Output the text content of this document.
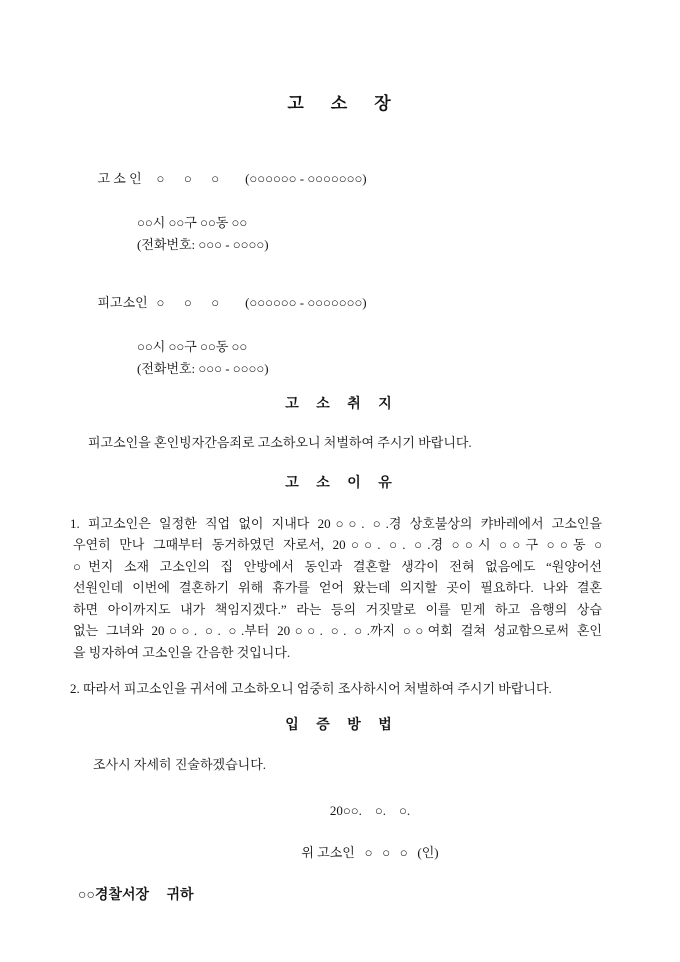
고    소    장

고 소 인 ○      ○      ○ (○○○○○○ - ○○○○○○○)

○○시 ○○구 ○○동 ○○
(전화번호: ○○○ - ○○○○)

피고소인 ○      ○      ○ (○○○○○○ - ○○○○○○○)

○○시 ○○구 ○○동 ○○
(전화번호: ○○○ - ○○○○)
고 소 취 지
피고소인을 혼인빙자간음죄로 고소하오니 처벌하여 주시기 바랍니다.
고 소 이 유
1. 피고소인은 일정한 직업 없이 지내다 20○○. ○.경 상호불상의 캬바레에서 고소인을
우연히 만나 그때부터 동거하였던 자로서, 20○○. ○. ○.경 ○○시 ○○구 ○○동 ○
○번지 소재 고소인의 집 안방에서 동인과 결혼할 생각이 전혀 없음에도 “원양어선
선원인데 이번에 결혼하기 위해 휴가를 얻어 왔는데 의지할 곳이 필요하다. 나와 결혼
하면 아이까지도 내가 책임지겠다.” 라는 등의 거짓말로 이를 믿게 하고 음행의 상습
없는 그녀와 20○○. ○. ○.부터 20○○. ○. ○.까지 ○○여회 걸쳐 성교함으로써 혼인
을 빙자하여 고소인을 간음한 것입니다.
2. 따라서 피고소인을 귀서에 고소하오니 엄중히 조사하시어 처벌하여 주시기 바랍니다.
입 증 방 법
조사시 자세히 진술하겠습니다.
20○○.    ○.    ○.
위 고소인   ○   ○   ○   (인)
○○경찰서장     귀하
